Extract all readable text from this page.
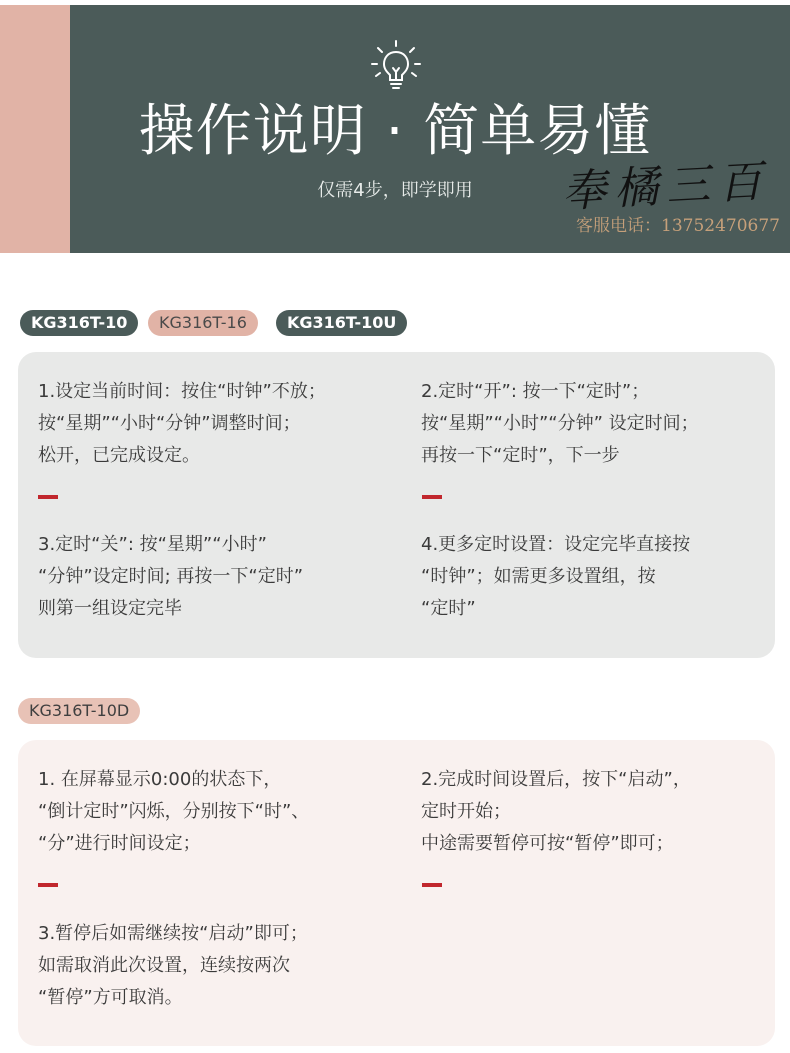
操作说明 · 简单易懂
仅需4步，即学即用	奉橘三百
客服电话：13752470677
KG316T-10	KG316T-16	KG316T-10U
1.设定当前时间：按住“时钟”不放；
按“星期”“小时“分钟”调整时间；
松开，已完成设定。
2.定时“开”: 按一下“定时”；
按“星期”“小时”“分钟” 设定时间；
再按一下“定时”，下一步
3.定时“关”: 按“星期”“小时”
“分钟”设定时间; 再按一下“定时”
则第一组设定完毕
4.更多定时设置：设定完毕直接按
“时钟”；如需更多设置组，按
“定时”
KG316T-10D
1. 在屏幕显示0:00的状态下，
“倒计定时”闪烁，分别按下“时”、
“分”进行时间设定；
2.完成时间设置后，按下“启动”，
定时开始；
中途需要暂停可按“暂停”即可；
3.暂停后如需继续按“启动”即可；
如需取消此次设置，连续按两次
“暂停”方可取消。
